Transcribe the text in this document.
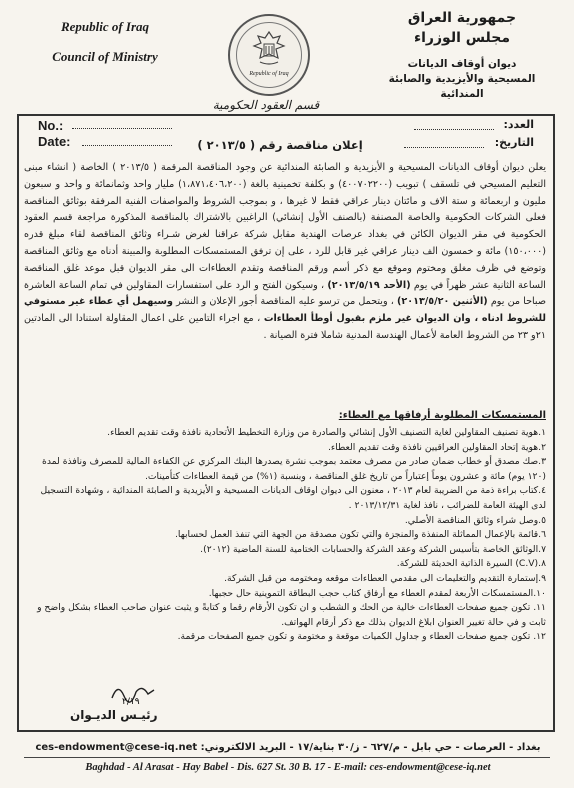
Republic of Iraq
Council of Ministry
Republic of Iraq
جمهورية العراق
مجلس الوزراء
ديوان أوقاف الديانات
المسيحية والأيزيدية والصابئة المندائية
قسم العقود الحكومية
No.:
Date:
العدد:
التاريخ:
إعلان مناقصة رقم ( ٢٠١٣/٥ )

يعلن ديوان أوقاف الديانات المسيحية و الأيزيدية و الصابئة المندائية عن وجود المناقصة المرقمة ( ٢٠١٣/٥ ) الخاصة ( انشاء مبنى التعليم المسيحي في تلسقف ) تبويب (٤٠٠٧٠٢٢٠٠) و بكلفة تخمينية بالغة (١،٨٧١،٤٠٦،٢٠٠) مليار واحد وثمانمائة و واحد و سبعون مليون و اربعمائة و ستة الاف و مائتان دينار عراقي فقط لا غيرها ، و بموجب الشروط والمواصفات الفنية المرفقة بوثائق المناقصة فعلى الشركات الحكومية والخاصة المصنفة (بالصنف الأول إنشائي) الراغبين بالاشتراك بالمناقصة المذكورة مراجعة قسم العقود الحكومية في مقر الديوان الكائن في بغداد عرصات الهندية مقابل شركة عراقنا لغرض شـراء وثائق المناقصة لقاء مبلغ قدره (١٥٠،٠٠٠) مائة و خمسون الف دينار عراقي غير قابل للرد ، على إن ترفق المستمسكات المطلوبة والمبينة أدناه مع وثائق المناقصة وتوضع في ظرف مغلق ومختوم وموقع مع ذكر أسم ورقم المناقصة وتقدم العطاءات الى مقر الديوان قبل موعد غلق المناقصة الساعة الثانية عشر ظهراً في يوم (الأحد ٢٠١٣/٥/١٩) ، وسيكون الفتح و الرد على استفسارات المقاولين في تمام الساعة العاشرة صباحا من يوم (الأثنين ٢٠١٣/٥/٢٠) ، ويتحمل من ترسو عليه المناقصة أجور الإعلان و النشر وسيهمل أي عطاء غير مستوفي للشروط ادناه ، وان الديوان غير ملزم بقبول أوطأ العطاءات ، مع اجراء التامين على اعمال المقاولة استنادا الى المادتين ٢١و ٢٣ من الشروط العامة لأعمال الهندسة المدنية شاملا فترة الصيانة .

المستمسكات المطلوبة أرفاقها مع العطاء:
١.هوية تصنيف المقاولين لغاية التصنيف الأول إنشائي والصادرة من وزارة التخطيط الأتحادية نافذة وقت تقديم العطاء.
٢.هوية إتحاد المقاولين العراقيين نافذة وقت تقديم العطاء.
٣.صك مصدق أو خطاب ضمان صادر من مصرف معتمد بموجب نشرة يصدرها البنك المركزي عن الكفاءة المالية للمصرف ونافذة لمدة (١٢٠ يوم) مائة و عشرون يوماً إعتباراً من تاريخ غلق المناقصة ، وبنسبة (١%) من قيمة العطاءات كتأمينات.
٤.كتاب براءة ذمة من الضريبة لعام ٢٠١٣ ، معنون الى ديوان اوقاف الديانات المسيحية و الأيزيدية و الصابئة المندائية ، وشهادة التسجيل لدى الهيئة العامة للضرائب ، نافذ لغاية ٢٠١٣/١٢/٣١ .
٥.وصل شراء وثائق المناقصة الأصلي.
٦.قائمة بالإعمال المماثلة المنفذة والمنجزة والتي تكون مصدقة من الجهة التي تنفذ العمل لحسابها.
٧.الوثائق الخاصة بتأسيس الشركة وعقد الشركة والحسابات الختامية للسنة الماضية (٢٠١٢).
٨.(C.V) السيرة الذاتية الحديثة للشركة.
٩.إستمارة التقديم والتعليمات الى مقدمي العطاءات موقعه ومختومه من قبل الشركة.
١٠.المستمسكات الأربعة لمقدم العطاء مع أرفاق كتاب حجب البطاقة التموينية حال حجبها.
١١. تكون جميع صفحات العطاءات خالية من الحك و الشطب و ان تكون الأرقام رقما و كتابةً و يثبت عنوان صاحب العطاء بشكل واضح و ثابت و في حالة تغيير العنوان ابلاغ الديوان بذلك مع ذكر أرقام الهواتف.
١٢. تكون جميع صفحات العطاء و جداول الكميات موقعة و مختومة و تكون جميع الصفحات مرقمة.
٢/١٩
رئيـس الديـوان
بغداد - العرصات - حي بابل - م/٦٢٧ - ز/٣٠ بناية/١٧ - البريد الالكتروني: ces-endowment@cese-iq.net
Baghdad - Al Arasat - Hay Babel - Dis. 627 St. 30 B. 17 - E-mail: ces-endowment@cese-iq.net
